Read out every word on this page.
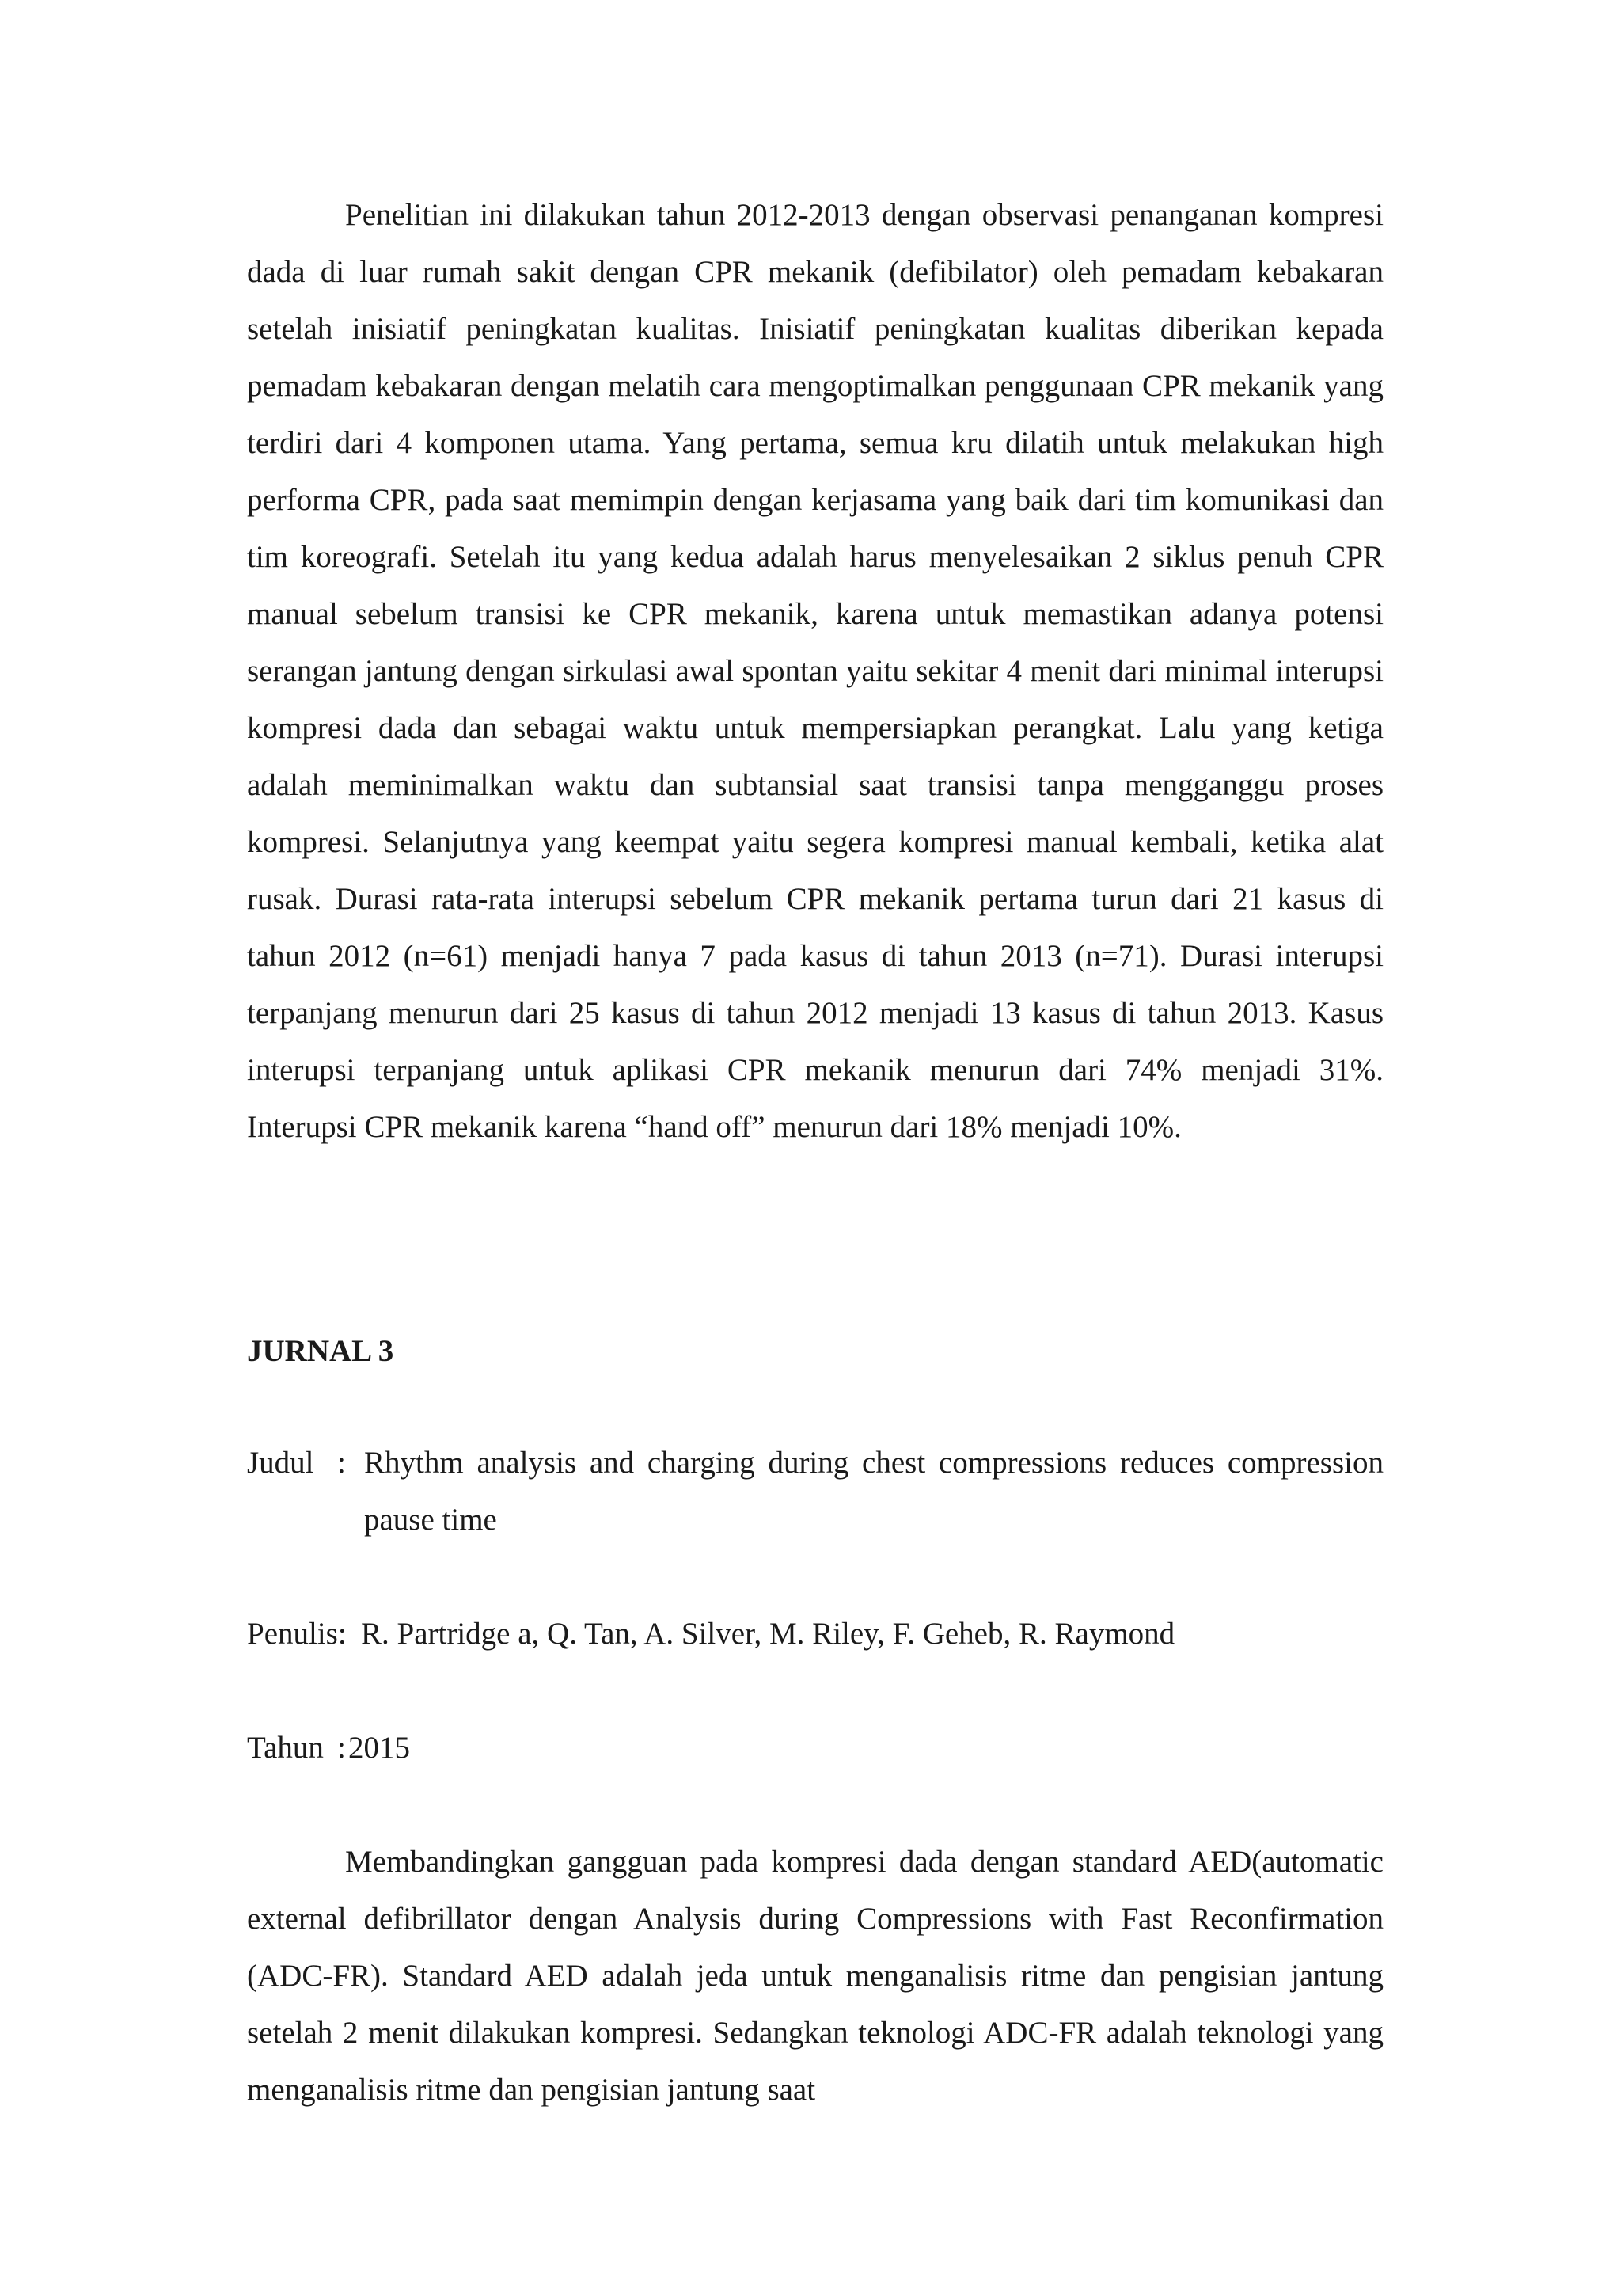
Penelitian ini dilakukan tahun 2012-2013 dengan observasi penanganan kompresi dada di luar rumah sakit dengan CPR mekanik (defibilator) oleh pemadam kebakaran setelah inisiatif peningkatan kualitas. Inisiatif peningkatan kualitas diberikan kepada pemadam kebakaran dengan melatih cara mengoptimalkan penggunaan CPR mekanik yang terdiri dari 4 komponen utama. Yang pertama, semua kru dilatih untuk melakukan high performa CPR, pada saat memimpin dengan kerjasama yang baik dari tim komunikasi dan tim koreografi. Setelah itu yang kedua adalah harus menyelesaikan 2 siklus penuh CPR manual sebelum transisi ke CPR mekanik, karena untuk memastikan adanya potensi serangan jantung dengan sirkulasi awal spontan yaitu sekitar 4 menit dari minimal interupsi kompresi dada dan sebagai waktu untuk mempersiapkan perangkat. Lalu yang ketiga adalah meminimalkan waktu dan subtansial saat transisi tanpa mengganggu proses kompresi. Selanjutnya yang keempat yaitu segera kompresi manual kembali, ketika alat rusak. Durasi rata-rata interupsi sebelum CPR mekanik pertama turun dari 21 kasus di tahun 2012 (n=61) menjadi hanya 7 pada kasus di tahun 2013 (n=71). Durasi interupsi terpanjang menurun dari 25 kasus di tahun 2012 menjadi 13 kasus di tahun 2013. Kasus interupsi terpanjang untuk aplikasi CPR mekanik menurun dari 74% menjadi 31%. Interupsi CPR mekanik karena “hand off” menurun dari 18% menjadi 10%.

JURNAL 3
Judul : Rhythm analysis and charging during chest compressions reduces compression pause time
Penulis: R. Partridge a, Q. Tan, A. Silver, M. Riley, F. Geheb, R. Raymond
Tahun : 2015

Membandingkan gangguan pada kompresi dada dengan standard AED(automatic external defibrillator dengan Analysis during Compressions with Fast Reconfirmation (ADC-FR). Standard AED adalah jeda untuk menganalisis ritme dan pengisian jantung setelah 2 menit dilakukan kompresi. Sedangkan teknologi ADC-FR adalah teknologi yang menganalisis ritme dan pengisian jantung saat
